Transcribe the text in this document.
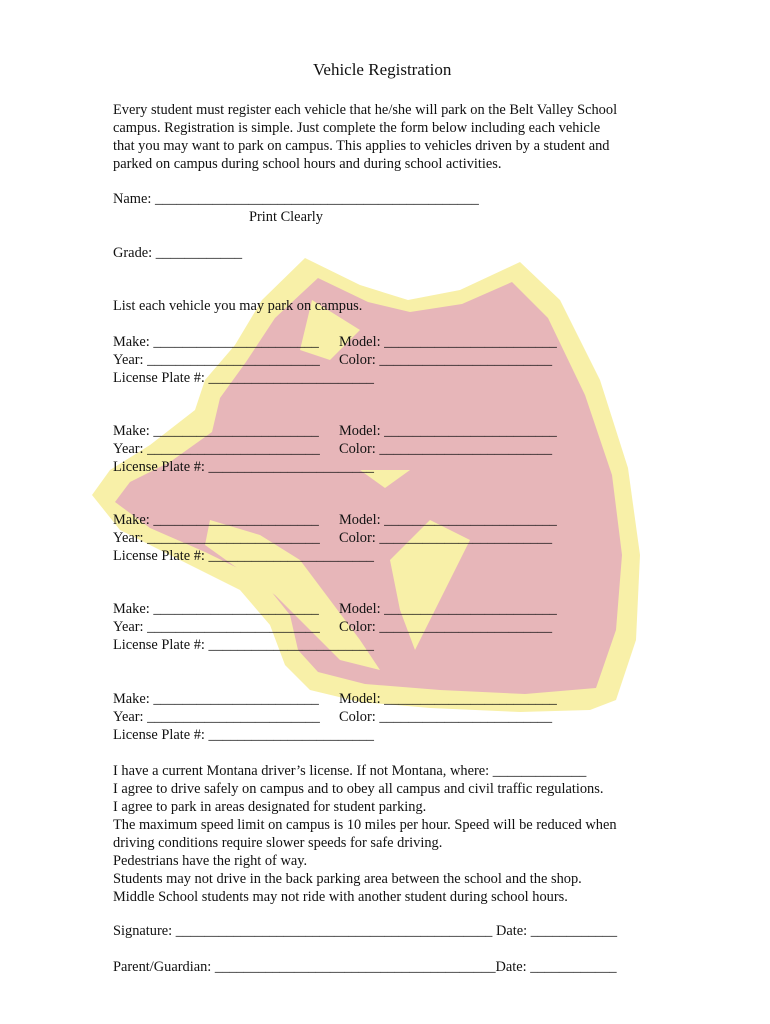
Vehicle Registration
Every student must register each vehicle that he/she will park on the Belt Valley School
campus. Registration is simple. Just complete the form below including each vehicle
that you may want to park on campus. This applies to vehicles driven by a student and
parked on campus during school hours and during school activities.
Name: _____________________________________________
Print Clearly
Grade: ____________
List each vehicle you may park on campus.
Make: _______________________ Model: ________________________
Year: ________________________ Color: ________________________
License Plate #: _______________________
Make: _______________________ Model: ________________________
Year: ________________________ Color: ________________________
License Plate #: _______________________
Make: _______________________ Model: ________________________
Year: ________________________ Color: ________________________
License Plate #: _______________________
Make: _______________________ Model: ________________________
Year: ________________________ Color: ________________________
License Plate #: _______________________
Make: _______________________ Model: ________________________
Year: ________________________ Color: ________________________
License Plate #: _______________________
I have a current Montana driver’s license. If not Montana, where: _____________
I agree to drive safely on campus and to obey all campus and civil traffic regulations.
I agree to park in areas designated for student parking.
The maximum speed limit on campus is 10 miles per hour. Speed will be reduced when
driving conditions require slower speeds for safe driving.
Pedestrians have the right of way.
Students may not drive in the back parking area between the school and the shop.
Middle School students may not ride with another student during school hours.
Signature: ____________________________________________ Date: ____________
Parent/Guardian: _______________________________________Date: ____________
